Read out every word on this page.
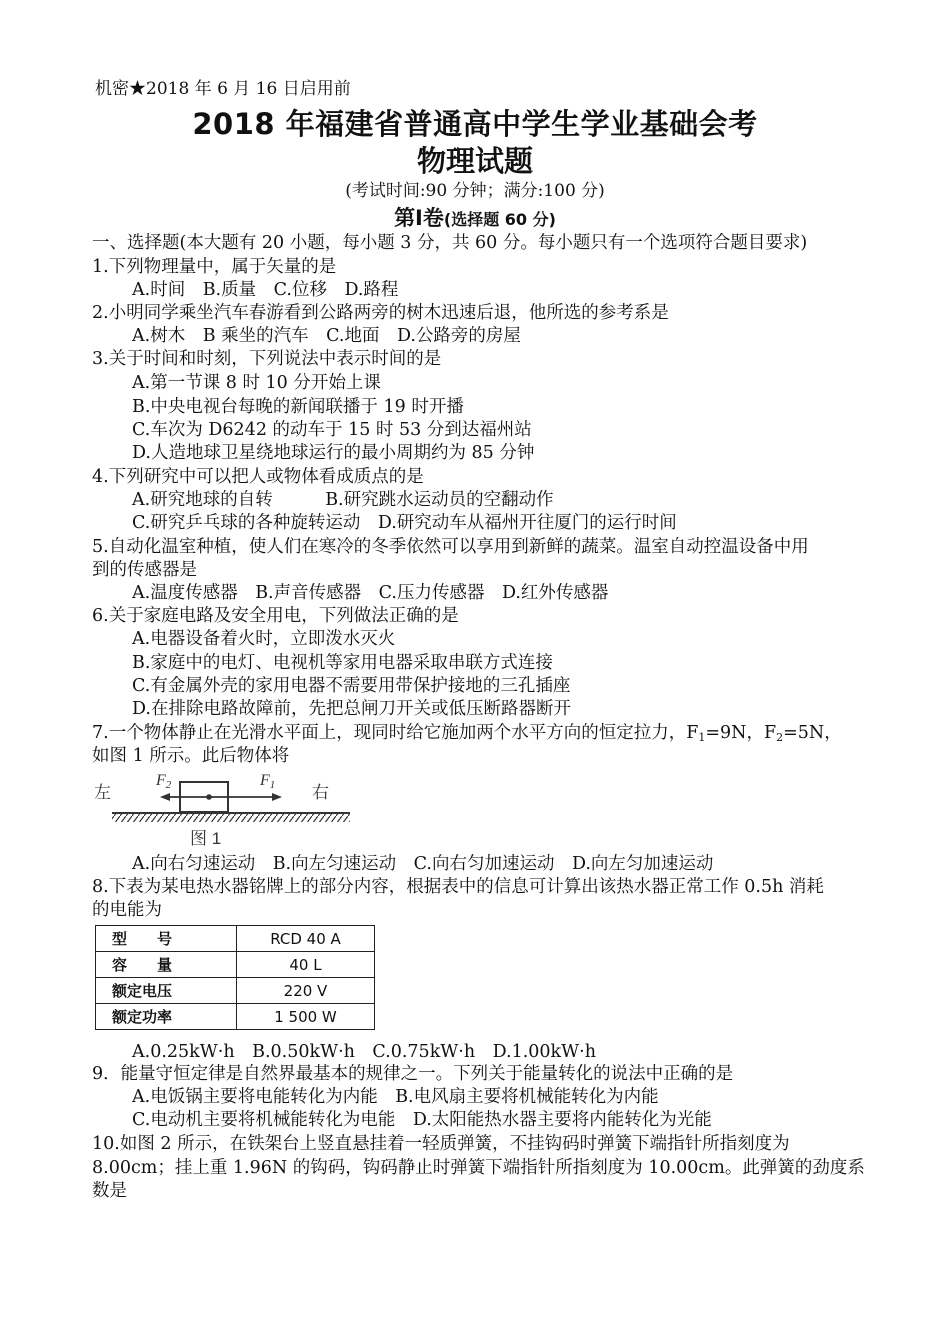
机密★2018 年 6 月 16 日启用前
2018 年福建省普通高中学生学业基础会考
物理试题
(考试时间:90 分钟；满分:100 分)
第Ⅰ卷(选择题 60 分)
一、选择题(本大题有 20 小题，每小题 3 分，共 60 分。每小题只有一个选项符合题目要求)
1.下列物理量中，属于矢量的是
A.时间　B.质量　C.位移　D.路程
2.小明同学乘坐汽车春游看到公路两旁的树木迅速后退，他所选的参考系是
A.树木　B 乘坐的汽车　C.地面　D.公路旁的房屋
3.关于时间和时刻，下列说法中表示时间的是
A.第一节课 8 时 10 分开始上课
B.中央电视台每晚的新闻联播于 19 时开播
C.车次为 D6242 的动车于 15 时 53 分到达福州站
D.人造地球卫星绕地球运行的最小周期约为 85 分钟
4.下列研究中可以把人或物体看成质点的是
A.研究地球的自转　　　B.研究跳水运动员的空翻动作
C.研究乒乓球的各种旋转运动　D.研究动车从福州开往厦门的运行时间
5.自动化温室种植，使人们在寒冷的冬季依然可以享用到新鲜的蔬菜。温室自动控温设备中用
到的传感器是
A.温度传感器　B.声音传感器　C.压力传感器　D.红外传感器
6.关于家庭电路及安全用电，下列做法正确的是
A.电器设备着火时，立即泼水灭火
B.家庭中的电灯、电视机等家用电器采取串联方式连接
C.有金属外壳的家用电器不需要用带保护接地的三孔插座
D.在排除电路故障前，先把总闸刀开关或低压断路器断开
7.一个物体静止在光滑水平面上，现同时给它施加两个水平方向的恒定拉力，$F_1=9N$，$F_2=5N$，
如图 1 所示。此后物体将
左	右
F2	F1
图 1
A.向右匀速运动　B.向左匀速运动　C.向右匀加速运动　D.向左匀加速运动
8.下表为某电热水器铭牌上的部分内容，根据表中的信息可计算出该热水器正常工作 0.5h 消耗
的电能为
型　　号	RCD 40 A
容　　量	40 L
额定电压	220 V
额定功率	1 500 W
A.0.25kW·h　B.0.50kW·h　C.0.75kW·h　D.1.00kW·h
9．能量守恒定律是自然界最基本的规律之一。下列关于能量转化的说法中正确的是
A.电饭锅主要将电能转化为内能　B.电风扇主要将机械能转化为内能
C.电动机主要将机械能转化为电能　D.太阳能热水器主要将内能转化为光能
10.如图 2 所示，在铁架台上竖直悬挂着一轻质弹簧，不挂钩码时弹簧下端指针所指刻度为
8.00cm；挂上重 1.96N 的钩码，钩码静止时弹簧下端指针所指刻度为 10.00cm。此弹簧的劲度系
数是
